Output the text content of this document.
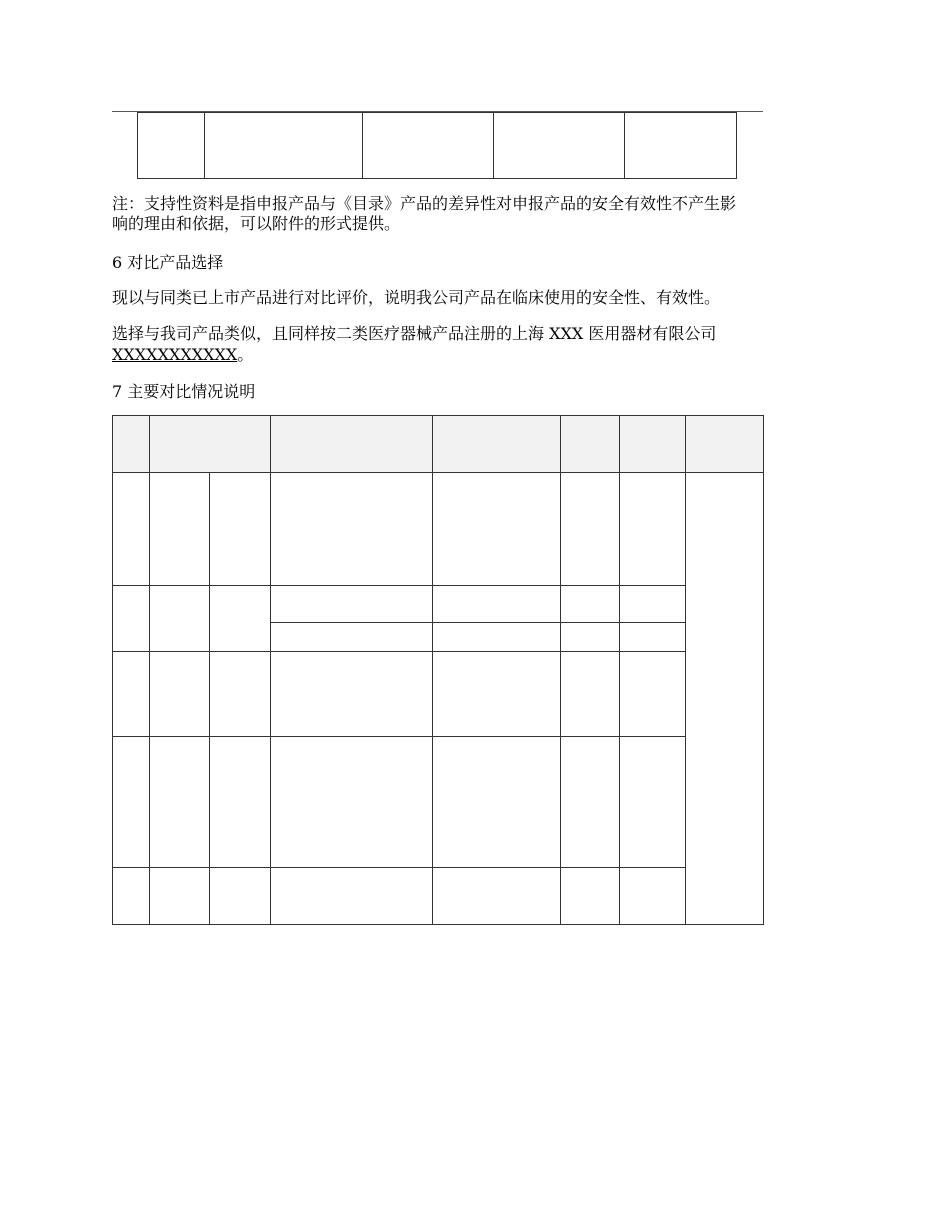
注：支持性资料是指申报产品与《目录》产品的差异性对申报产品的安全有效性不产生影
响的理由和依据，可以附件的形式提供。
6 对比产品选择
现以与同类已上市产品进行对比评价，说明我公司产品在临床使用的安全性、有效性。
选择与我司产品类似，且同样按二类医疗器械产品注册的上海 XXX 医用器材有限公司
XXXXXXXXXXX。
7 主要对比情况说明
